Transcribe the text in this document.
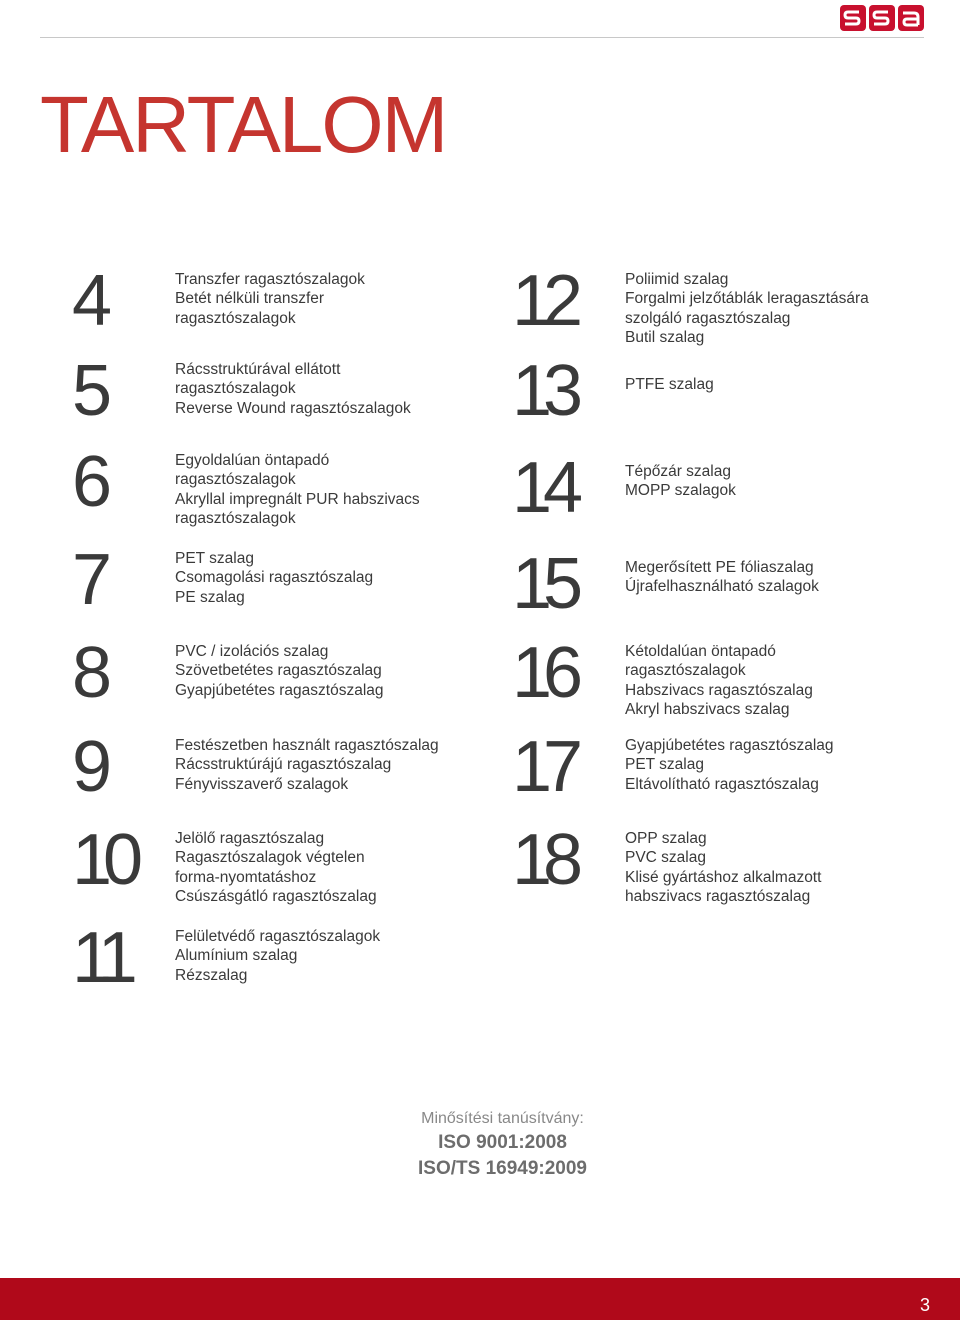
TARTALOM
4	Transzfer ragasztószalagok
Betét nélküli transzfer
ragasztószalagok
5	Rácsstruktúrával ellátott
ragasztószalagok
Reverse Wound ragasztószalagok
6	Egyoldalúan öntapadó
ragasztószalagok
Akryllal impregnált PUR habszivacs
ragasztószalagok
7	PET szalag
Csomagolási ragasztószalag
PE szalag
8	PVC / izolációs szalag
Szövetbetétes ragasztószalag
Gyapjúbetétes ragasztószalag
9	Festészetben használt ragasztószalag
Rácsstruktúrájú ragasztószalag
Fényvisszaverő szalagok
10	Jelölő ragasztószalag
Ragasztószalagok végtelen
forma-nyomtatáshoz
Csúszásgátló ragasztószalag
11	Felületvédő ragasztószalagok
Alumínium szalag
Rézszalag
12	Poliimid szalag
Forgalmi jelzőtáblák leragasztására
szolgáló ragasztószalag
Butil szalag
13	PTFE szalag
14	Tépőzár szalag
MOPP szalagok
15	Megerősített PE fóliaszalag
Újrafelhasználható szalagok
16	Kétoldalúan öntapadó
ragasztószalagok
Habszivacs ragasztószalag
Akryl habszivacs szalag
17	Gyapjúbetétes ragasztószalag
PET szalag
Eltávolítható ragasztószalag
18	OPP szalag
PVC szalag
Klisé gyártáshoz alkalmazott
habszivacs ragasztószalag
Minősítési tanúsítvány:
ISO 9001:2008
ISO/TS 16949:2009
3
